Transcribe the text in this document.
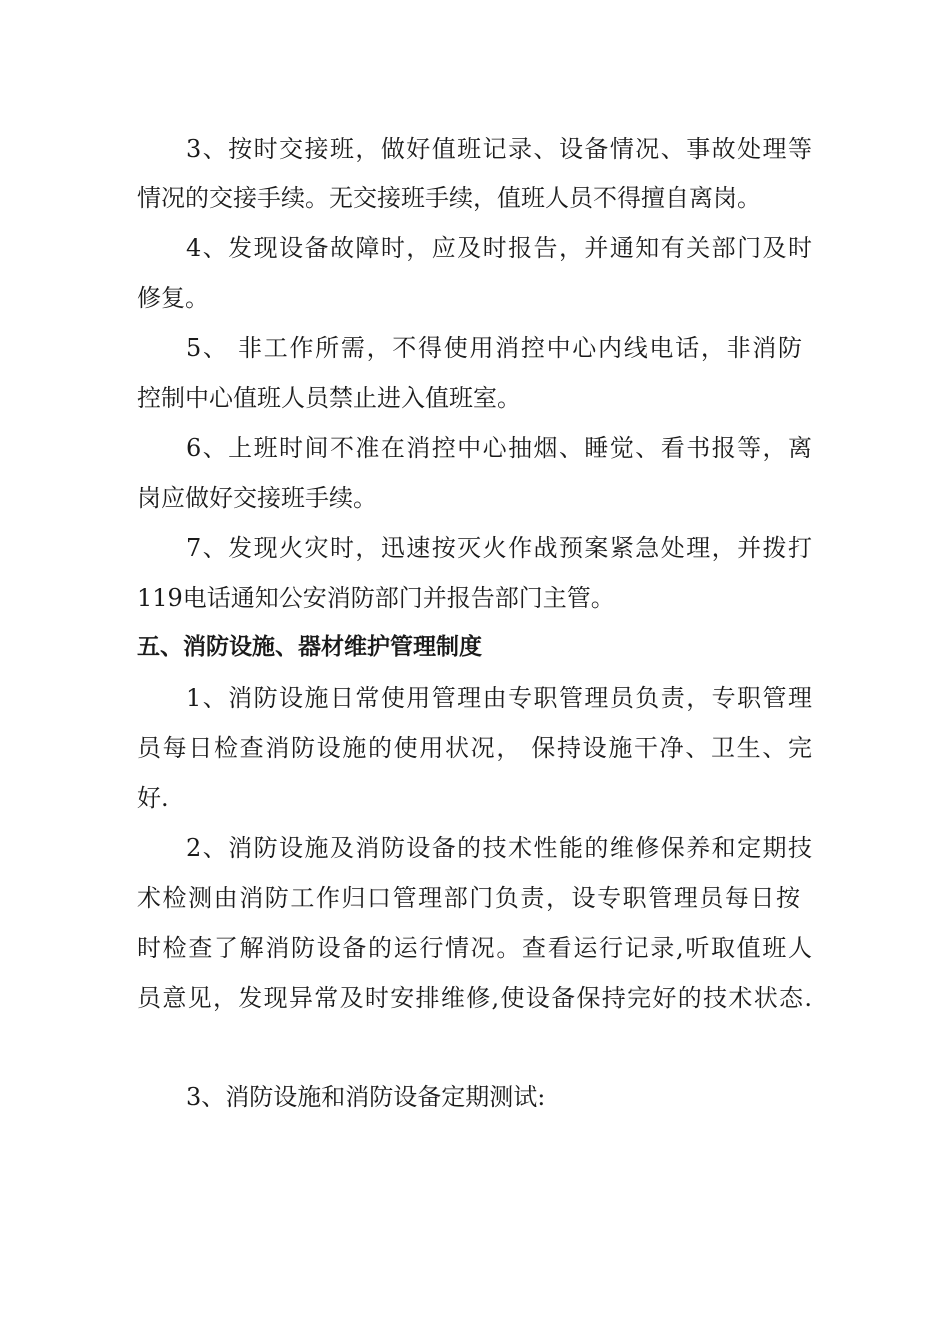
3、按时交接班，做好值班记录、设备情况、事故处理等
情况的交接手续。无交接班手续，值班人员不得擅自离岗。
4、发现设备故障时，应及时报告，并通知有关部门及时
修复。
5、 非工作所需，不得使用消控中心内线电话，非消防
控制中心值班人员禁止进入值班室。
6、上班时间不准在消控中心抽烟、睡觉、看书报等，离
岗应做好交接班手续。
7、发现火灾时，迅速按灭火作战预案紧急处理，并拨打
119电话通知公安消防部门并报告部门主管。
五、消防设施、器材维护管理制度
1、消防设施日常使用管理由专职管理员负责，专职管理
员每日检查消防设施的使用状况， 保持设施干净、卫生、完
好.
2、消防设施及消防设备的技术性能的维修保养和定期技
术检测由消防工作归口管理部门负责，设专职管理员每日按
时检查了解消防设备的运行情况。查看运行记录,听取值班人
员意见，发现异常及时安排维修,使设备保持完好的技术状态.
3、消防设施和消防设备定期测试:
